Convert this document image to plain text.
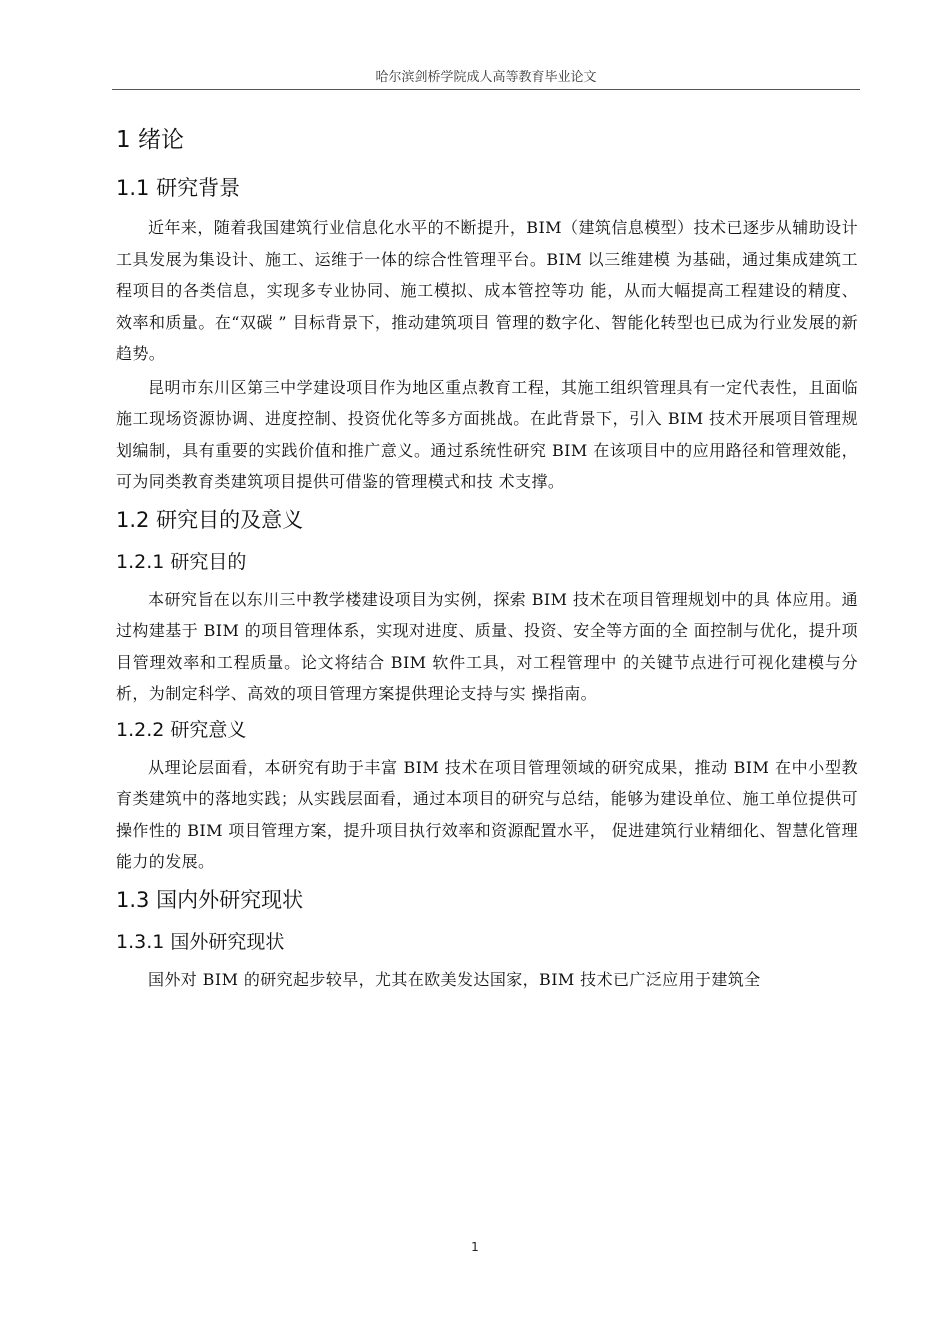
哈尔滨剑桥学院成人高等教育毕业论文
1 绪论
1.1 研究背景

近年来，随着我国建筑行业信息化水平的不断提升，BIM（建筑信息模型）技术已逐步从辅助设计工具发展为集设计、施工、运维于一体的综合性管理平台。BIM 以三维建模 为基础，通过集成建筑工程项目的各类信息，实现多专业协同、施工模拟、成本管控等功 能，从而大幅提高工程建设的精度、效率和质量。在“双碳 ” 目标背景下，推动建筑项目 管理的数字化、智能化转型也已成为行业发展的新趋势。

昆明市东川区第三中学建设项目作为地区重点教育工程，其施工组织管理具有一定代表性，且面临施工现场资源协调、进度控制、投资优化等多方面挑战。在此背景下，引入 BIM 技术开展项目管理规划编制，具有重要的实践价值和推广意义。通过系统性研究 BIM 在该项目中的应用路径和管理效能，可为同类教育类建筑项目提供可借鉴的管理模式和技 术支撑。

1.2 研究目的及意义
1.2.1 研究目的

本研究旨在以东川三中教学楼建设项目为实例，探索 BIM 技术在项目管理规划中的具 体应用。通过构建基于 BIM 的项目管理体系，实现对进度、质量、投资、安全等方面的全 面控制与优化，提升项目管理效率和工程质量。论文将结合 BIM 软件工具，对工程管理中 的关键节点进行可视化建模与分析，为制定科学、高效的项目管理方案提供理论支持与实 操指南。

1.2.2 研究意义

从理论层面看，本研究有助于丰富 BIM 技术在项目管理领域的研究成果，推动 BIM 在中小型教育类建筑中的落地实践；从实践层面看，通过本项目的研究与总结，能够为建设单位、施工单位提供可操作性的 BIM 项目管理方案，提升项目执行效率和资源配置水平， 促进建筑行业精细化、智慧化管理能力的发展。

1.3 国内外研究现状
1.3.1 国外研究现状

国外对 BIM 的研究起步较早，尤其在欧美发达国家，BIM 技术已广泛应用于建筑全

1
